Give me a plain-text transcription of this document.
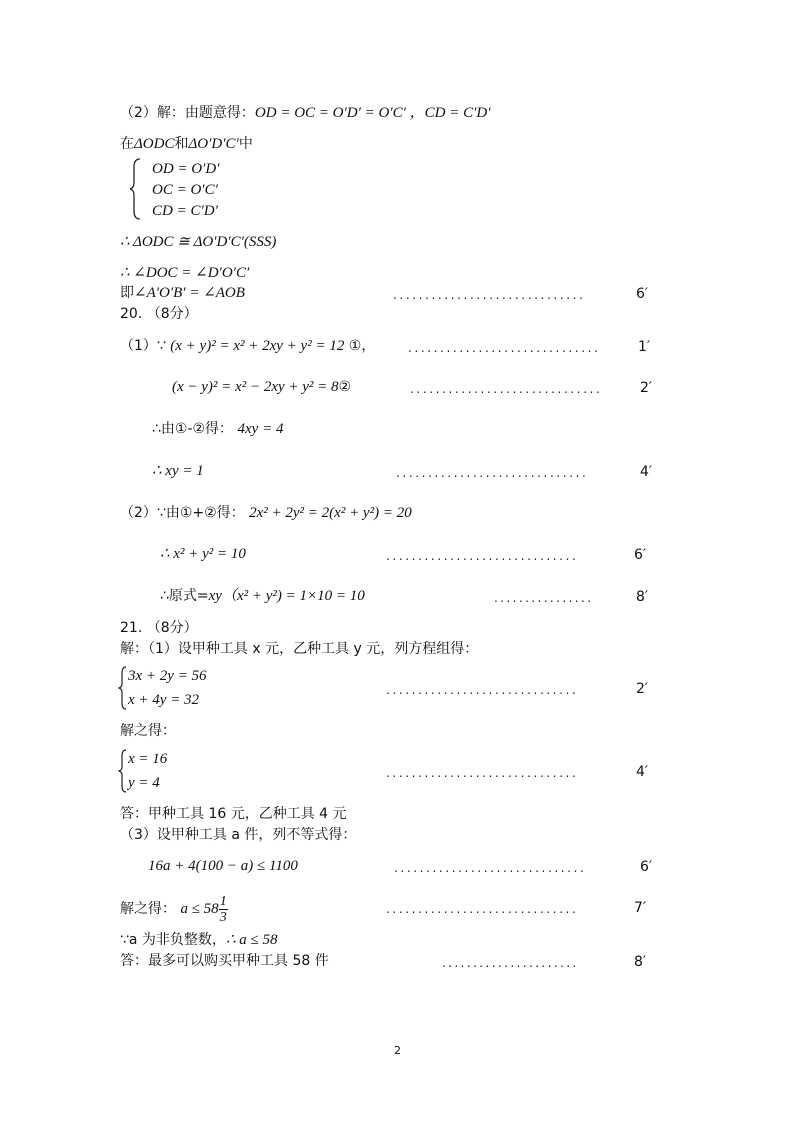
（2）解：由题意得：OD = OC = O′D′ = O′C′ ，CD = C′D′
在ΔODC和ΔO′D′C′中
OD = O′D′
OC = O′C′
CD = C′D′
∴ ΔODC ≅ ΔO′D′C′(SSS)
∴ ∠DOC = ∠D′O′C′
即∠A′O′B′ = ∠AOB	..............................	6′
20. （8分）
（1）∵ (x + y)² = x² + 2xy + y² = 12 ①，	..............................	1′
(x − y)² = x² − 2xy + y² = 8②	..............................	2′
∴由①-②得： 4xy = 4
∴ xy = 1	..............................	4′
（2）∵由①+②得： 2x² + 2y² = 2(x² + y²) = 20
∴ x² + y² = 10	..............................	6′
∴原式=xy（x² + y²) = 1×10 = 10	................	8′
21. （8分）
解：（1）设甲种工具 x 元，乙种工具 y 元，列方程组得：
3x + 2y = 56
x + 4y = 32
..............................	2′
解之得：
x = 16
y = 4
..............................	4′
答：甲种工具 16 元，乙种工具 4 元
（3）设甲种工具 a 件，列不等式得：
16a + 4(100 − a) ≤ 1100	..............................	6′
解之得： $a \le 58 \frac{1}{3}$	..............................	7′
∵a 为非负整数，∴ a ≤ 58
答：最多可以购买甲种工具 58 件	......................	8′
2
